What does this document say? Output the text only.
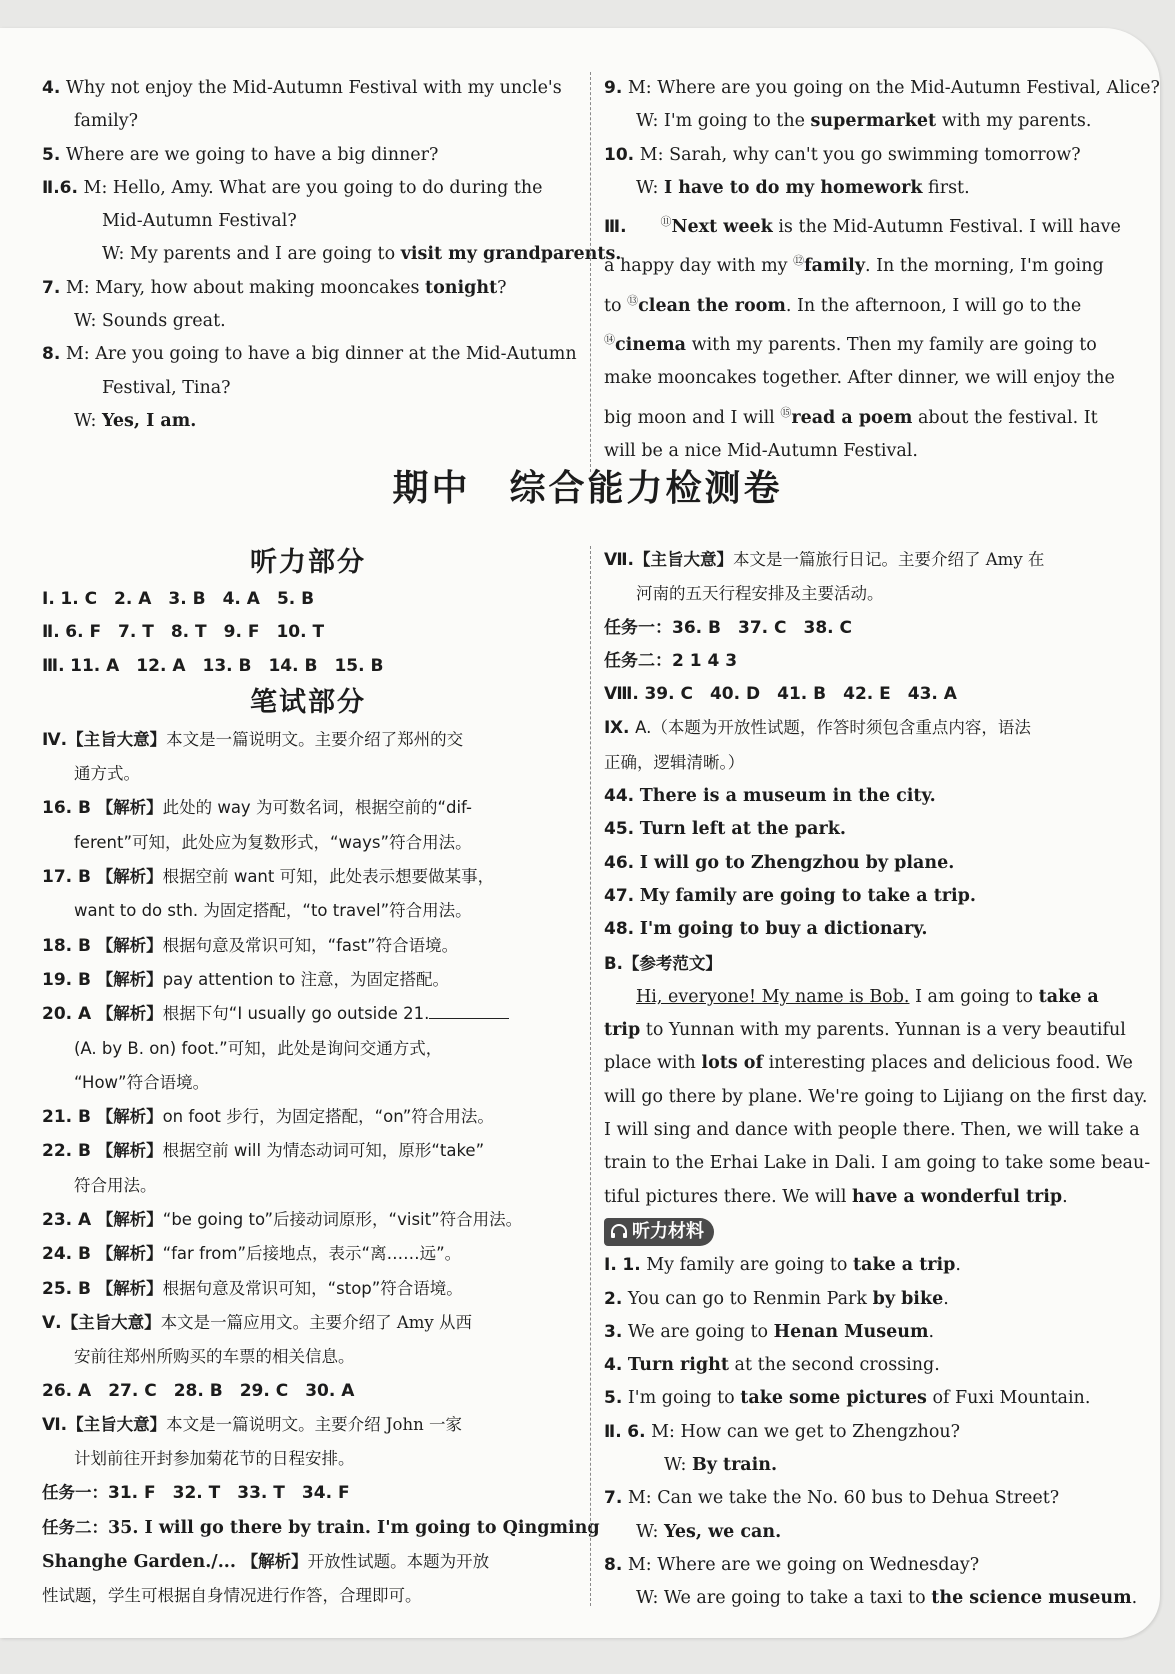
4. Why not enjoy the Mid-Autumn Festival with my uncle's
family?
5. Where are we going to have a big dinner?
Ⅱ.6. M: Hello, Amy. What are you going to do during the
Mid-Autumn Festival?
W: My parents and I are going to visit my grandparents.
7. M: Mary, how about making mooncakes tonight?
W: Sounds great.
8. M: Are you going to have a big dinner at the Mid-Autumn
Festival, Tina?
W: Yes, I am.
9. M: Where are you going on the Mid-Autumn Festival, Alice?
W: I'm going to the supermarket with my parents.
10. M: Sarah, why can't you go swimming tomorrow?
W: I have to do my homework first.
Ⅲ.	⑪Next week is the Mid-Autumn Festival. I will have
a happy day with my ⑫family. In the morning, I'm going
to ⑬clean the room. In the afternoon, I will go to the
⑭cinema with my parents. Then my family are going to
make mooncakes together. After dinner, we will enjoy the
big moon and I will ⑮read a poem about the festival. It
will be a nice Mid-Autumn Festival.
期中　综合能力检测卷
听力部分
Ⅰ. 1. C　2. A　3. B　4. A　5. B
Ⅱ. 6. F　7. T　8. T　9. F　10. T
Ⅲ. 11. A　12. A　13. B　14. B　15. B
笔试部分
Ⅳ.【主旨大意】本文是一篇说明文。主要介绍了郑州的交
通方式。
16. B 【解析】此处的 way 为可数名词，根据空前的“dif-
ferent”可知，此处应为复数形式，“ways”符合用法。
17. B 【解析】根据空前 want 可知，此处表示想要做某事，
want to do sth. 为固定搭配，“to travel”符合用法。
18. B 【解析】根据句意及常识可知，“fast”符合语境。
19. B 【解析】pay attention to 注意，为固定搭配。
20. A 【解析】根据下句“I usually go outside 21.
(A. by B. on) foot.”可知，此处是询问交通方式，
“How”符合语境。
21. B 【解析】on foot 步行，为固定搭配，“on”符合用法。
22. B 【解析】根据空前 will 为情态动词可知，原形“take”
符合用法。
23. A 【解析】“be going to”后接动词原形，“visit”符合用法。
24. B 【解析】“far from”后接地点，表示“离……远”。
25. B 【解析】根据句意及常识可知，“stop”符合语境。
Ⅴ.【主旨大意】本文是一篇应用文。主要介绍了 Amy 从西
安前往郑州所购买的车票的相关信息。
26. A　27. C　28. B　29. C　30. A
Ⅵ.【主旨大意】本文是一篇说明文。主要介绍 John 一家
计划前往开封参加菊花节的日程安排。
任务一：31. F　32. T　33. T　34. F
任务二：35. I will go there by train. I'm going to Qingming
Shanghe Garden./... 【解析】开放性试题。本题为开放
性试题，学生可根据自身情况进行作答，合理即可。
Ⅶ.【主旨大意】本文是一篇旅行日记。主要介绍了 Amy 在
河南的五天行程安排及主要活动。
任务一：36. B　37. C　38. C
任务二：2 1 4 3
Ⅷ. 39. C　40. D　41. B　42. E　43. A
Ⅸ. A.（本题为开放性试题，作答时须包含重点内容，语法
正确，逻辑清晰。）
44. There is a museum in the city.
45. Turn left at the park.
46. I will go to Zhengzhou by plane.
47. My family are going to take a trip.
48. I'm going to buy a dictionary.
B.【参考范文】
Hi, everyone! My name is Bob. I am going to take a
trip to Yunnan with my parents. Yunnan is a very beautiful
place with lots of interesting places and delicious food. We
will go there by plane. We're going to Lijiang on the first day.
I will sing and dance with people there. Then, we will take a
train to the Erhai Lake in Dali. I am going to take some beau-
tiful pictures there. We will have a wonderful trip.
听力材料
Ⅰ. 1. My family are going to take a trip.
2. You can go to Renmin Park by bike.
3. We are going to Henan Museum.
4. Turn right at the second crossing.
5. I'm going to take some pictures of Fuxi Mountain.
Ⅱ. 6. M: How can we get to Zhengzhou?
W: By train.
7. M: Can we take the No. 60 bus to Dehua Street?
W: Yes, we can.
8. M: Where are we going on Wednesday?
W: We are going to take a taxi to the science museum.
